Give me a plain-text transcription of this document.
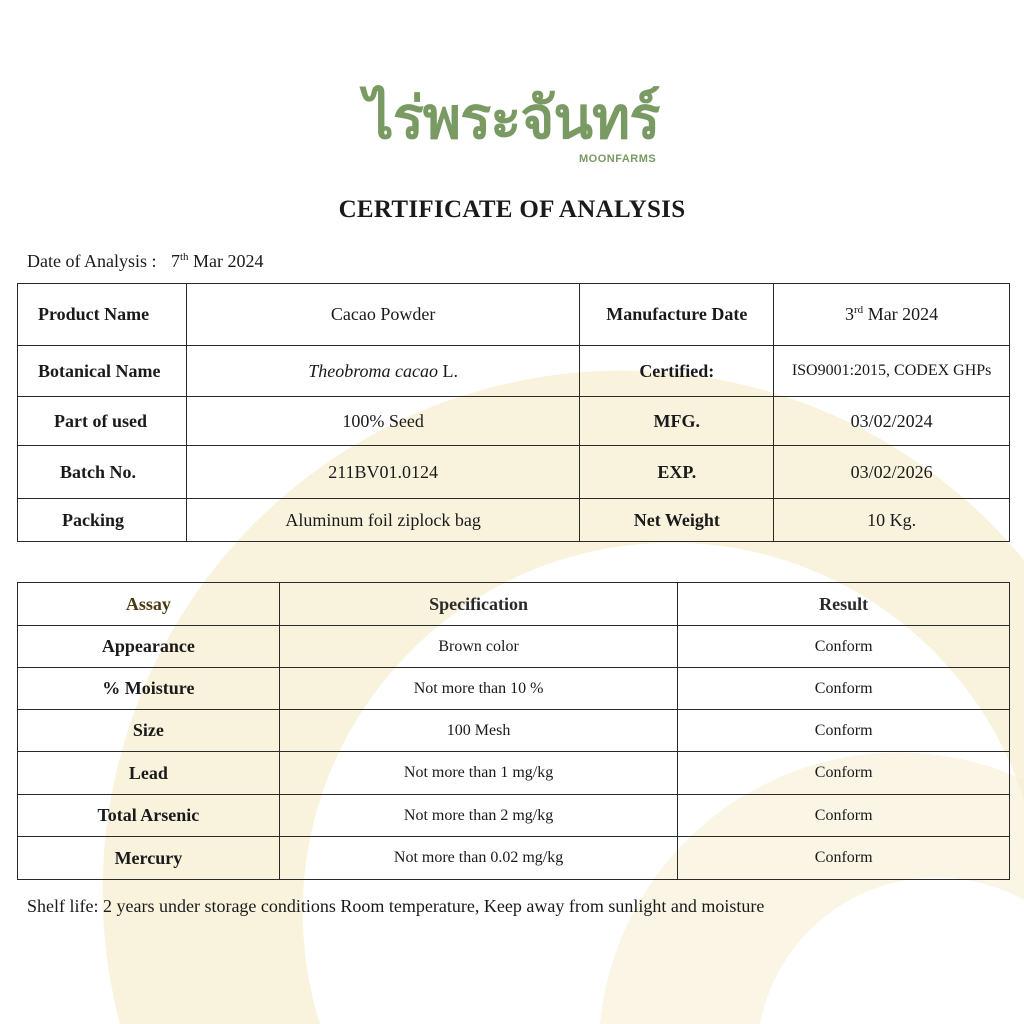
ไร่พระจันทร์
MOONFARMS
CERTIFICATE OF ANALYSIS
Date of Analysis : 7th Mar 2024
Product Name	Cacao Powder	Manufacture Date	3rd Mar 2024
Botanical Name	Theobroma cacao L.	Certified:	ISO9001:2015, CODEX GHPs
Part of used	100% Seed	MFG.	03/02/2024
Batch No.	211BV01.0124	EXP.	03/02/2026
Packing	Aluminum foil ziplock bag	Net Weight	10 Kg.
Assay	Specification	Result
Appearance	Brown color	Conform
% Moisture	Not more than 10 %	Conform
Size	100 Mesh	Conform
Lead	Not more than 1 mg/kg	Conform
Total Arsenic	Not more than 2 mg/kg	Conform
Mercury	Not more than 0.02 mg/kg	Conform
Shelf life: 2 years under storage conditions Room temperature, Keep away from sunlight and moisture
